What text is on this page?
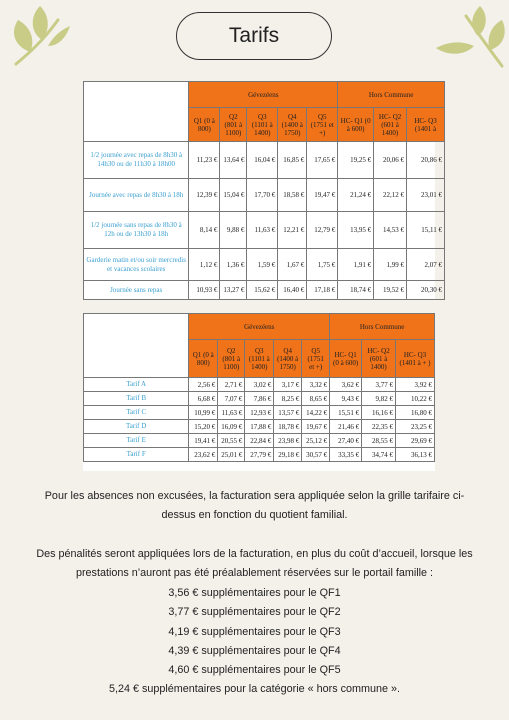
Tarifs
	Gévezéens					Hors Commune		
	Q1 (0 à 800)	Q2 (801 à 1100)	Q3 (1101 à 1400)	Q4 (1400 à 1750)	Q5 (1751 et +)	HC- Q1 (0 à 600)	HC- Q2 (601 à 1400)	HC- Q3 (1401 à
1/2 journée avec repas de 8h30 à 14h30 ou de 11h30 à 18h00	11,23 €	13,64 €	16,04 €	16,85 €	17,65 €	19,25 €	20,06 €	20,86 €
Journée avec repas de 8h30 à 18h	12,39 €	15,04 €	17,70 €	18,58 €	19,47 €	21,24 €	22,12 €	23,01 €
1/2 journée sans repas de 8h30 à 12h ou de 13h30 à 18h	8,14 €	9,88 €	11,63 €	12,21 €	12,79 €	13,95 €	14,53 €	15,11 €
Garderie matin et/ou soir mercredis et vacances scolaires	1,12 €	1,36 €	1,59 €	1,67 €	1,75 €	1,91 €	1,99 €	2,07 €
Journée sans repas	10,93 €	13,27 €	15,62 €	16,40 €	17,18 €	18,74 €	19,52 €	20,30 €
	Gévezéens					Hors Commune		
	Q1 (0 à 800)	Q2 (801 à 1100)	Q3 (1101 à 1400)	Q4 (1400 à 1750)	Q5 (1751 et +)	HC- Q1 (0 à 600)	HC- Q2 (601 à 1400)	HC- Q3 (1401 à + )
Tarif A	2,56 €	2,71 €	3,02 €	3,17 €	3,32 €	3,62 €	3,77 €	3,92 €
Tarif B	6,68 €	7,07 €	7,86 €	8,25 €	8,65 €	9,43 €	9,82 €	10,22 €
Tarif C	10,99 €	11,63 €	12,93 €	13,57 €	14,22 €	15,51 €	16,16 €	16,80 €
Tarif D	15,20 €	16,09 €	17,88 €	18,78 €	19,67 €	21,46 €	22,35 €	23,25 €
Tarif E	19,41 €	20,55 €	22,84 €	23,98 €	25,12 €	27,40 €	28,55 €	29,69 €
Tarif F	23,62 €	25,01 €	27,79 €	29,18 €	30,57 €	33,35 €	34,74 €	36,13 €
Pour les absences non excusées, la facturation sera appliquée selon la grille tarifaire ci-
dessus en fonction du quotient familial.
Des pénalités seront appliquées lors de la facturation, en plus du coût d’accueil, lorsque les
prestations n’auront pas été préalablement réservées sur le portail famille :
3,56 € supplémentaires pour le QF1
3,77 € supplémentaires pour le QF2
4,19 € supplémentaires pour le QF3
4,39 € supplémentaires pour le QF4
4,60 € supplémentaires pour le QF5
5,24 € supplémentaires pour la catégorie « hors commune ».
